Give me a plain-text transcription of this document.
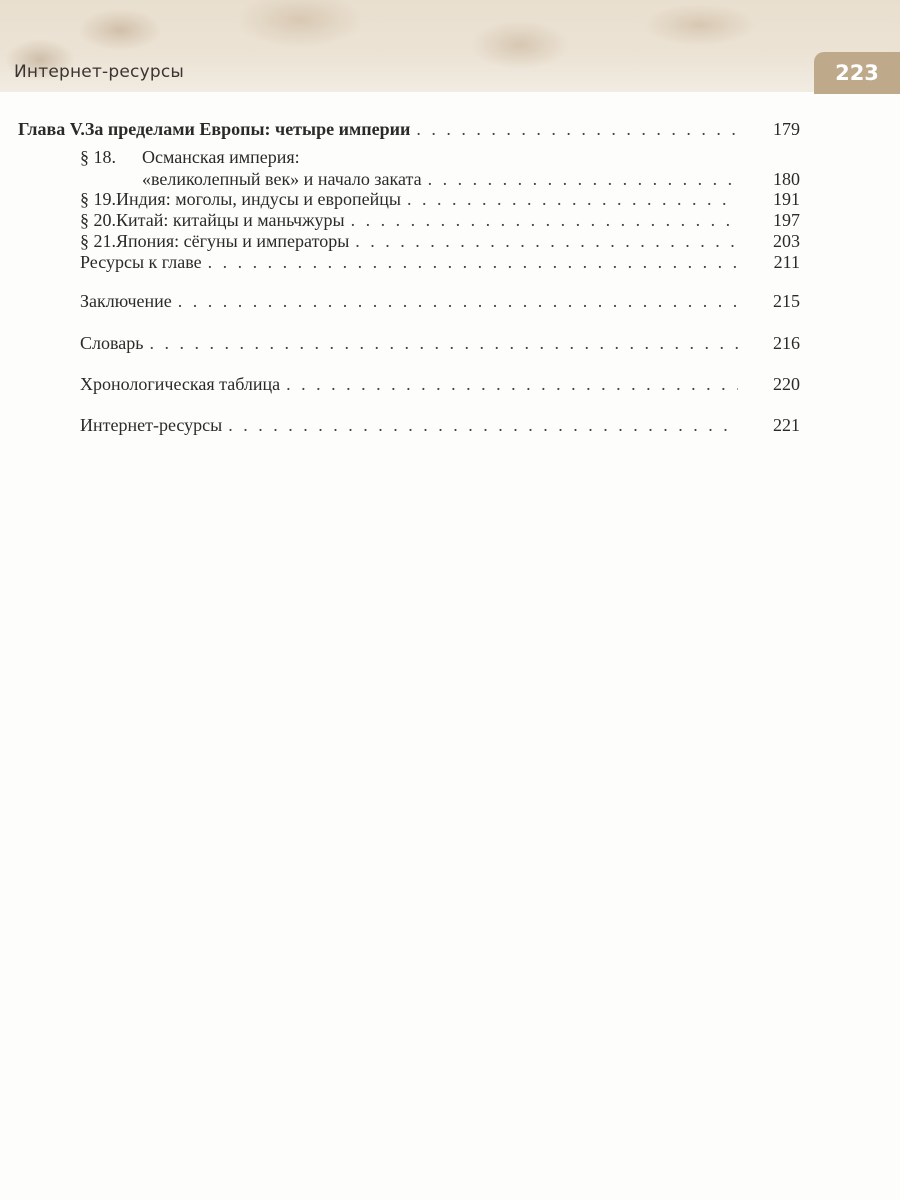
Интернет-ресурсы	223
Глава V. За пределами Европы: четыре империи . . .	179
§ 18. Османская империя:
«великолепный век» и начало заката . . .	180
§ 19. Индия: моголы, индусы и европейцы . . .	191
§ 20. Китай: китайцы и маньчжуры . . .	197
§ 21. Япония: сёгуны и императоры . . .	203
Ресурсы к главе . . .	211
Заключение . . .	215
Словарь . . .	216
Хронологическая таблица . . .	220
Интернет-ресурсы . . .	221
